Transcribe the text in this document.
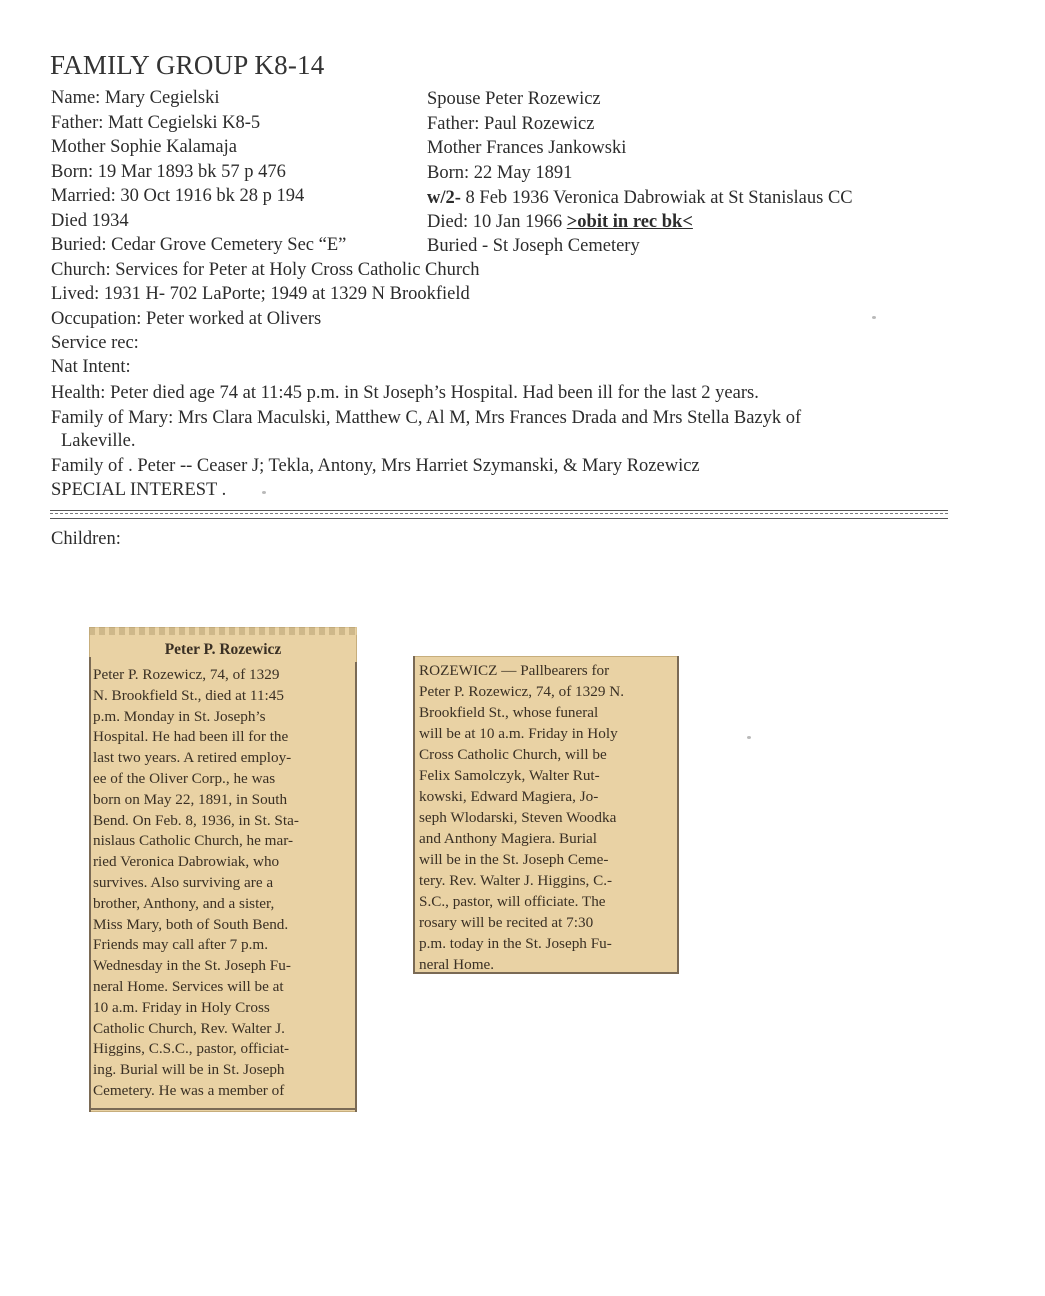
FAMILY GROUP K8-14
Name: Mary Cegielski
Father: Matt Cegielski K8-5
Mother Sophie Kalamaja
Born: 19 Mar 1893 bk 57 p 476
Married: 30 Oct 1916 bk 28 p 194
Died 1934
Buried: Cedar Grove Cemetery Sec “E”
Spouse Peter Rozewicz
Father: Paul Rozewicz
Mother Frances Jankowski
Born: 22 May 1891
w/2- 8 Feb 1936 Veronica Dabrowiak at St Stanislaus CC
Died: 10 Jan 1966 >obit in rec bk<
Buried - St Joseph Cemetery
Church: Services for Peter at Holy Cross Catholic Church
Lived: 1931 H- 702 LaPorte; 1949 at 1329 N Brookfield
Occupation: Peter worked at Olivers
Service rec:
Nat Intent:
Health: Peter died age 74 at 11:45 p.m. in St Joseph’s Hospital. Had been ill for the last 2 years.
Family of Mary: Mrs Clara Maculski, Matthew C, Al M, Mrs Frances Drada and Mrs Stella Bazyk of
Lakeville.
Family of . Peter -- Ceaser J; Tekla, Antony, Mrs Harriet Szymanski, & Mary Rozewicz
SPECIAL INTEREST .
Children:
Peter P. Rozewicz
Peter P. Rozewicz, 74, of 1329
N. Brookfield St., died at 11:45
p.m. Monday in St. Joseph’s
Hospital. He had been ill for the
last two years. A retired employ-
ee of the Oliver Corp., he was
born on May 22, 1891, in South
Bend. On Feb. 8, 1936, in St. Sta-
nislaus Catholic Church, he mar-
ried Veronica Dabrowiak, who
survives. Also surviving are a
brother, Anthony, and a sister,
Miss Mary, both of South Bend.
Friends may call after 7 p.m.
Wednesday in the St. Joseph Fu-
neral Home. Services will be at
10 a.m. Friday in Holy Cross
Catholic Church, Rev. Walter J.
Higgins, C.S.C., pastor, officiat-
ing. Burial will be in St. Joseph
Cemetery. He was a member of
ROZEWICZ — Pallbearers for
Peter P. Rozewicz, 74, of 1329 N.
Brookfield St., whose funeral
will be at 10 a.m. Friday in Holy
Cross Catholic Church, will be
Felix Samolczyk, Walter Rut-
kowski, Edward Magiera, Jo-
seph Wlodarski, Steven Woodka
and Anthony Magiera. Burial
will be in the St. Joseph Ceme-
tery. Rev. Walter J. Higgins, C.-
S.C., pastor, will officiate. The
rosary will be recited at 7:30
p.m. today in the St. Joseph Fu-
neral Home.
